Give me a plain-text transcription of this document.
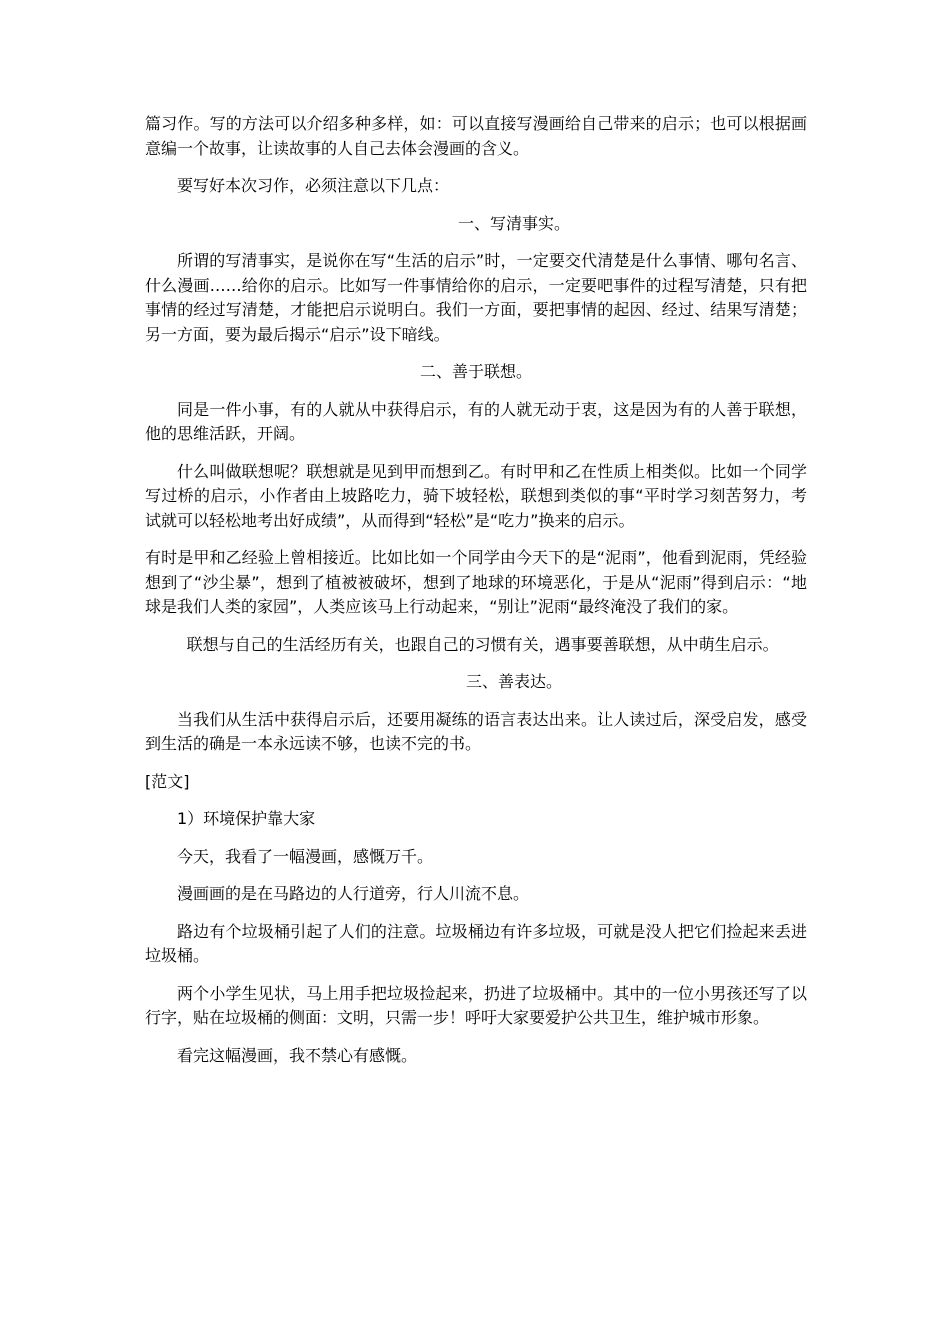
篇习作。写的方法可以介绍多种多样，如：可以直接写漫画给自己带来的启示；也可以根据画意编一个故事，让读故事的人自己去体会漫画的含义。

要写好本次习作，必须注意以下几点：

一、写清事实。

所谓的写清事实，是说你在写“生活的启示”时，一定要交代清楚是什么事情、哪句名言、什么漫画……给你的启示。比如写一件事情给你的启示，一定要吧事件的过程写清楚，只有把事情的经过写清楚，才能把启示说明白。我们一方面，要把事情的起因、经过、结果写清楚；另一方面，要为最后揭示“启示”设下暗线。

二、善于联想。

同是一件小事，有的人就从中获得启示，有的人就无动于衷，这是因为有的人善于联想，他的思维活跃，开阔。

什么叫做联想呢？联想就是见到甲而想到乙。有时甲和乙在性质上相类似。比如一个同学写过桥的启示，小作者由上坡路吃力，骑下坡轻松，联想到类似的事“平时学习刻苦努力，考试就可以轻松地考出好成绩”，从而得到“轻松”是“吃力”换来的启示。

有时是甲和乙经验上曾相接近。比如比如一个同学由今天下的是“泥雨”，他看到泥雨，凭经验想到了“沙尘暴”，想到了植被被破坏，想到了地球的环境恶化，于是从“泥雨”得到启示：“地球是我们人类的家园”，人类应该马上行动起来，“别让”泥雨“最终淹没了我们的家。

联想与自己的生活经历有关，也跟自己的习惯有关，遇事要善联想，从中萌生启示。

三、善表达。

当我们从生活中获得启示后，还要用凝练的语言表达出来。让人读过后，深受启发，感受到生活的确是一本永远读不够，也读不完的书。

[范文]

1）环境保护靠大家

今天，我看了一幅漫画，感慨万千。

漫画画的是在马路边的人行道旁，行人川流不息。

路边有个垃圾桶引起了人们的注意。垃圾桶边有许多垃圾，可就是没人把它们捡起来丢进垃圾桶。

两个小学生见状，马上用手把垃圾捡起来，扔进了垃圾桶中。其中的一位小男孩还写了以行字，贴在垃圾桶的侧面：文明，只需一步！呼吁大家要爱护公共卫生，维护城市形象。

看完这幅漫画，我不禁心有感慨。
